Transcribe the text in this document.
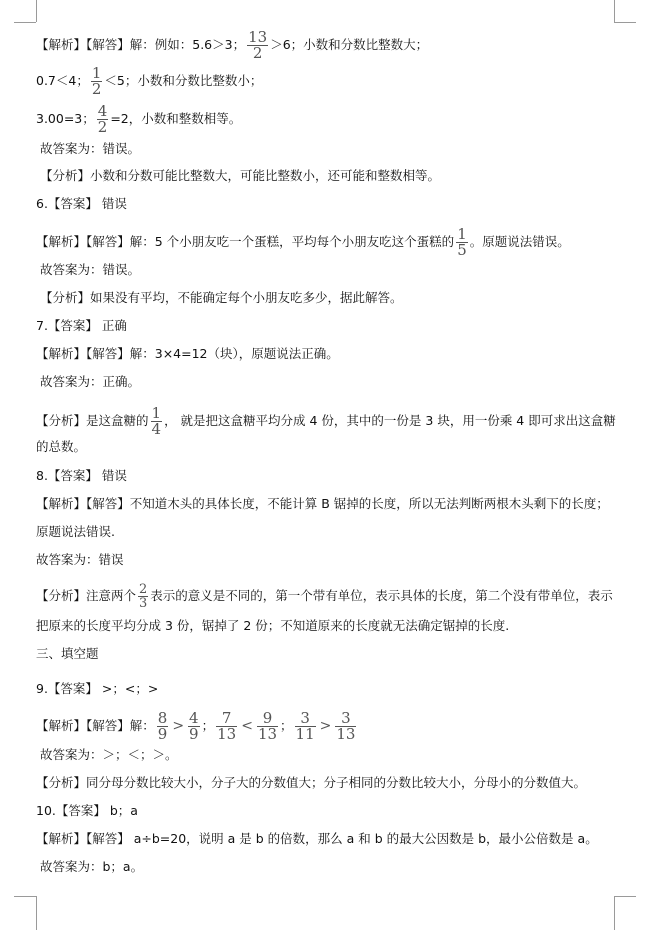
【解析】【解答】解：例如：5.6＞3； $\frac{13}{2} >6$；小数和分数比整数大；
0.7＜4； $\frac{1}{2} <5$；小数和分数比整数小；
3.00=3； $\frac{4}{2} =2$，小数和整数相等。
故答案为：错误。
【分析】小数和分数可能比整数大，可能比整数小，还可能和整数相等。
6.【答案】 错误
【解析】【解答】解：5 个小朋友吃一个蛋糕，平均每个小朋友吃这个蛋糕的 $\frac{1}{5}$ 。原题说法错误。
故答案为：错误。
【分析】如果没有平均，不能确定每个小朋友吃多少，据此解答。
7.【答案】 正确
【解析】【解答】解：3×4=12（块），原题说法正确。
故答案为：正确。
【分析】是这盒糖的 $\frac{1}{4}$ ， 就是把这盒糖平均分成 4 份，其中的一份是 3 块，用一份乘 4 即可求出这盒糖
的总数。
8.【答案】 错误
【解析】【解答】不知道木头的具体长度，不能计算 B 锯掉的长度，所以无法判断两根木头剩下的长度；
原题说法错误.
故答案为：错误
【分析】注意两个 $\frac{2}{3}$ 表示的意义是不同的，第一个带有单位，表示具体的长度，第二个没有带单位，表示
把原来的长度平均分成 3 份，锯掉了 2 份；不知道原来的长度就无法确定锯掉的长度.
三、填空题
9.【答案】 >；<；>
【解析】【解答】解： $\frac{8}{9} > \frac{4}{9}$ ； $\frac{7}{13} < \frac{9}{13}$ ； $\frac{3}{11} > \frac{3}{13}$
故答案为：＞；＜；＞。
【分析】同分母分数比较大小，分子大的分数值大；分子相同的分数比较大小，分母小的分数值大。
10.【答案】 b；a
【解析】【解答】 a÷b=20，说明 a 是 b 的倍数，那么 a 和 b 的最大公因数是 b，最小公倍数是 a。
故答案为：b；a。
